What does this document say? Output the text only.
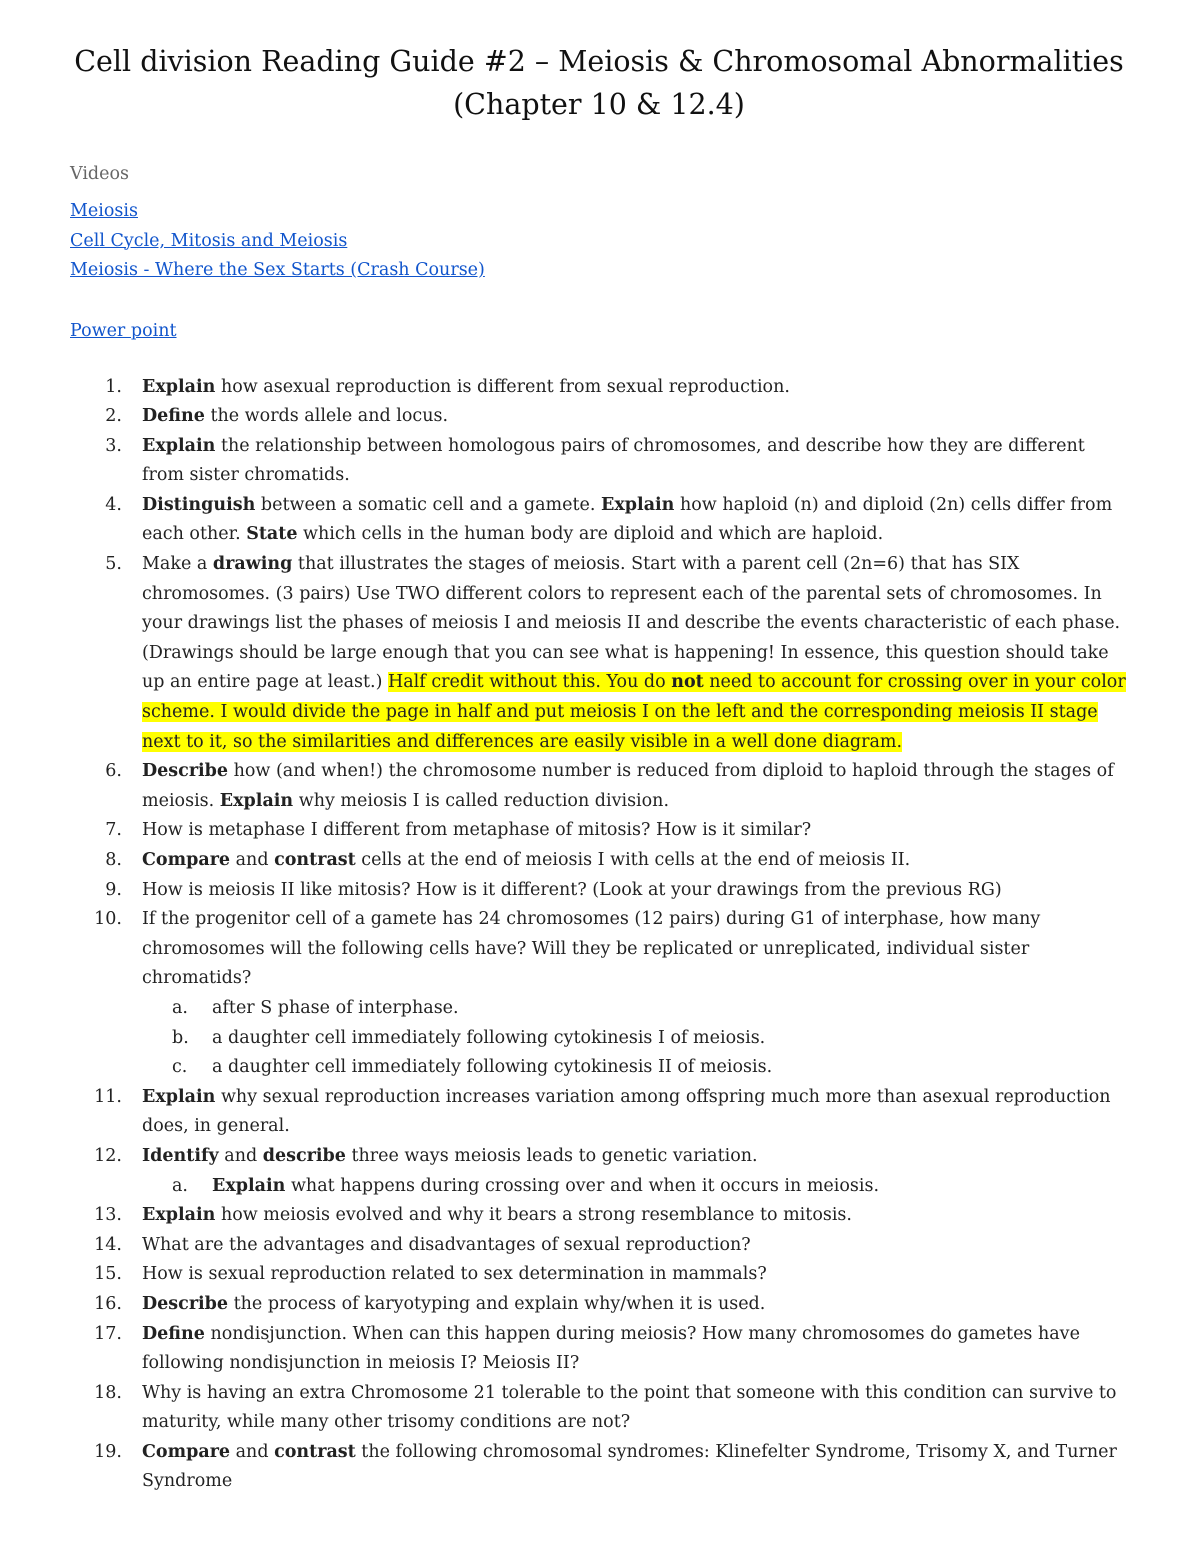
Cell division Reading Guide #2 – Meiosis & Chromosomal Abnormalities
(Chapter 10 & 12.4)
Videos
Meiosis
Cell Cycle, Mitosis and Meiosis
Meiosis - Where the Sex Starts (Crash Course)
Power point
1. Explain how asexual reproduction is different from sexual reproduction.
2. Define the words allele and locus.
3. Explain the relationship between homologous pairs of chromosomes, and describe how they are different from sister chromatids.
4. Distinguish between a somatic cell and a gamete. Explain how haploid (n) and diploid (2n) cells differ from each other. State which cells in the human body are diploid and which are haploid.
5. Make a drawing that illustrates the stages of meiosis. Start with a parent cell (2n=6) that has SIX chromosomes. (3 pairs) Use TWO different colors to represent each of the parental sets of chromosomes. In your drawings list the phases of meiosis I and meiosis II and describe the events characteristic of each phase. (Drawings should be large enough that you can see what is happening! In essence, this question should take up an entire page at least.) Half credit without this. You do not need to account for crossing over in your color scheme. I would divide the page in half and put meiosis I on the left and the corresponding meiosis II stage next to it, so the similarities and differences are easily visible in a well done diagram.
6. Describe how (and when!) the chromosome number is reduced from diploid to haploid through the stages of meiosis. Explain why meiosis I is called reduction division.
7. How is metaphase I different from metaphase of mitosis? How is it similar?
8. Compare and contrast cells at the end of meiosis I with cells at the end of meiosis II.
9. How is meiosis II like mitosis? How is it different? (Look at your drawings from the previous RG)
10. If the progenitor cell of a gamete has 24 chromosomes (12 pairs) during G1 of interphase, how many chromosomes will the following cells have? Will they be replicated or unreplicated, individual sister chromatids?
a.	after S phase of interphase.
b. a daughter cell immediately following cytokinesis I of meiosis.
c.	a daughter cell immediately following cytokinesis II of meiosis.
11. Explain why sexual reproduction increases variation among offspring much more than asexual reproduction does, in general.
12. Identify and describe three ways meiosis leads to genetic variation.
a.	Explain what happens during crossing over and when it occurs in meiosis.
13. Explain how meiosis evolved and why it bears a strong resemblance to mitosis.
14. What are the advantages and disadvantages of sexual reproduction?
15. How is sexual reproduction related to sex determination in mammals?
16. Describe the process of karyotyping and explain why/when it is used.
17. Define nondisjunction. When can this happen during meiosis? How many chromosomes do gametes have following nondisjunction in meiosis I? Meiosis II?
18. Why is having an extra Chromosome 21 tolerable to the point that someone with this condition can survive to maturity, while many other trisomy conditions are not?
19. Compare and contrast the following chromosomal syndromes: Klinefelter Syndrome, Trisomy X, and Turner Syndrome
